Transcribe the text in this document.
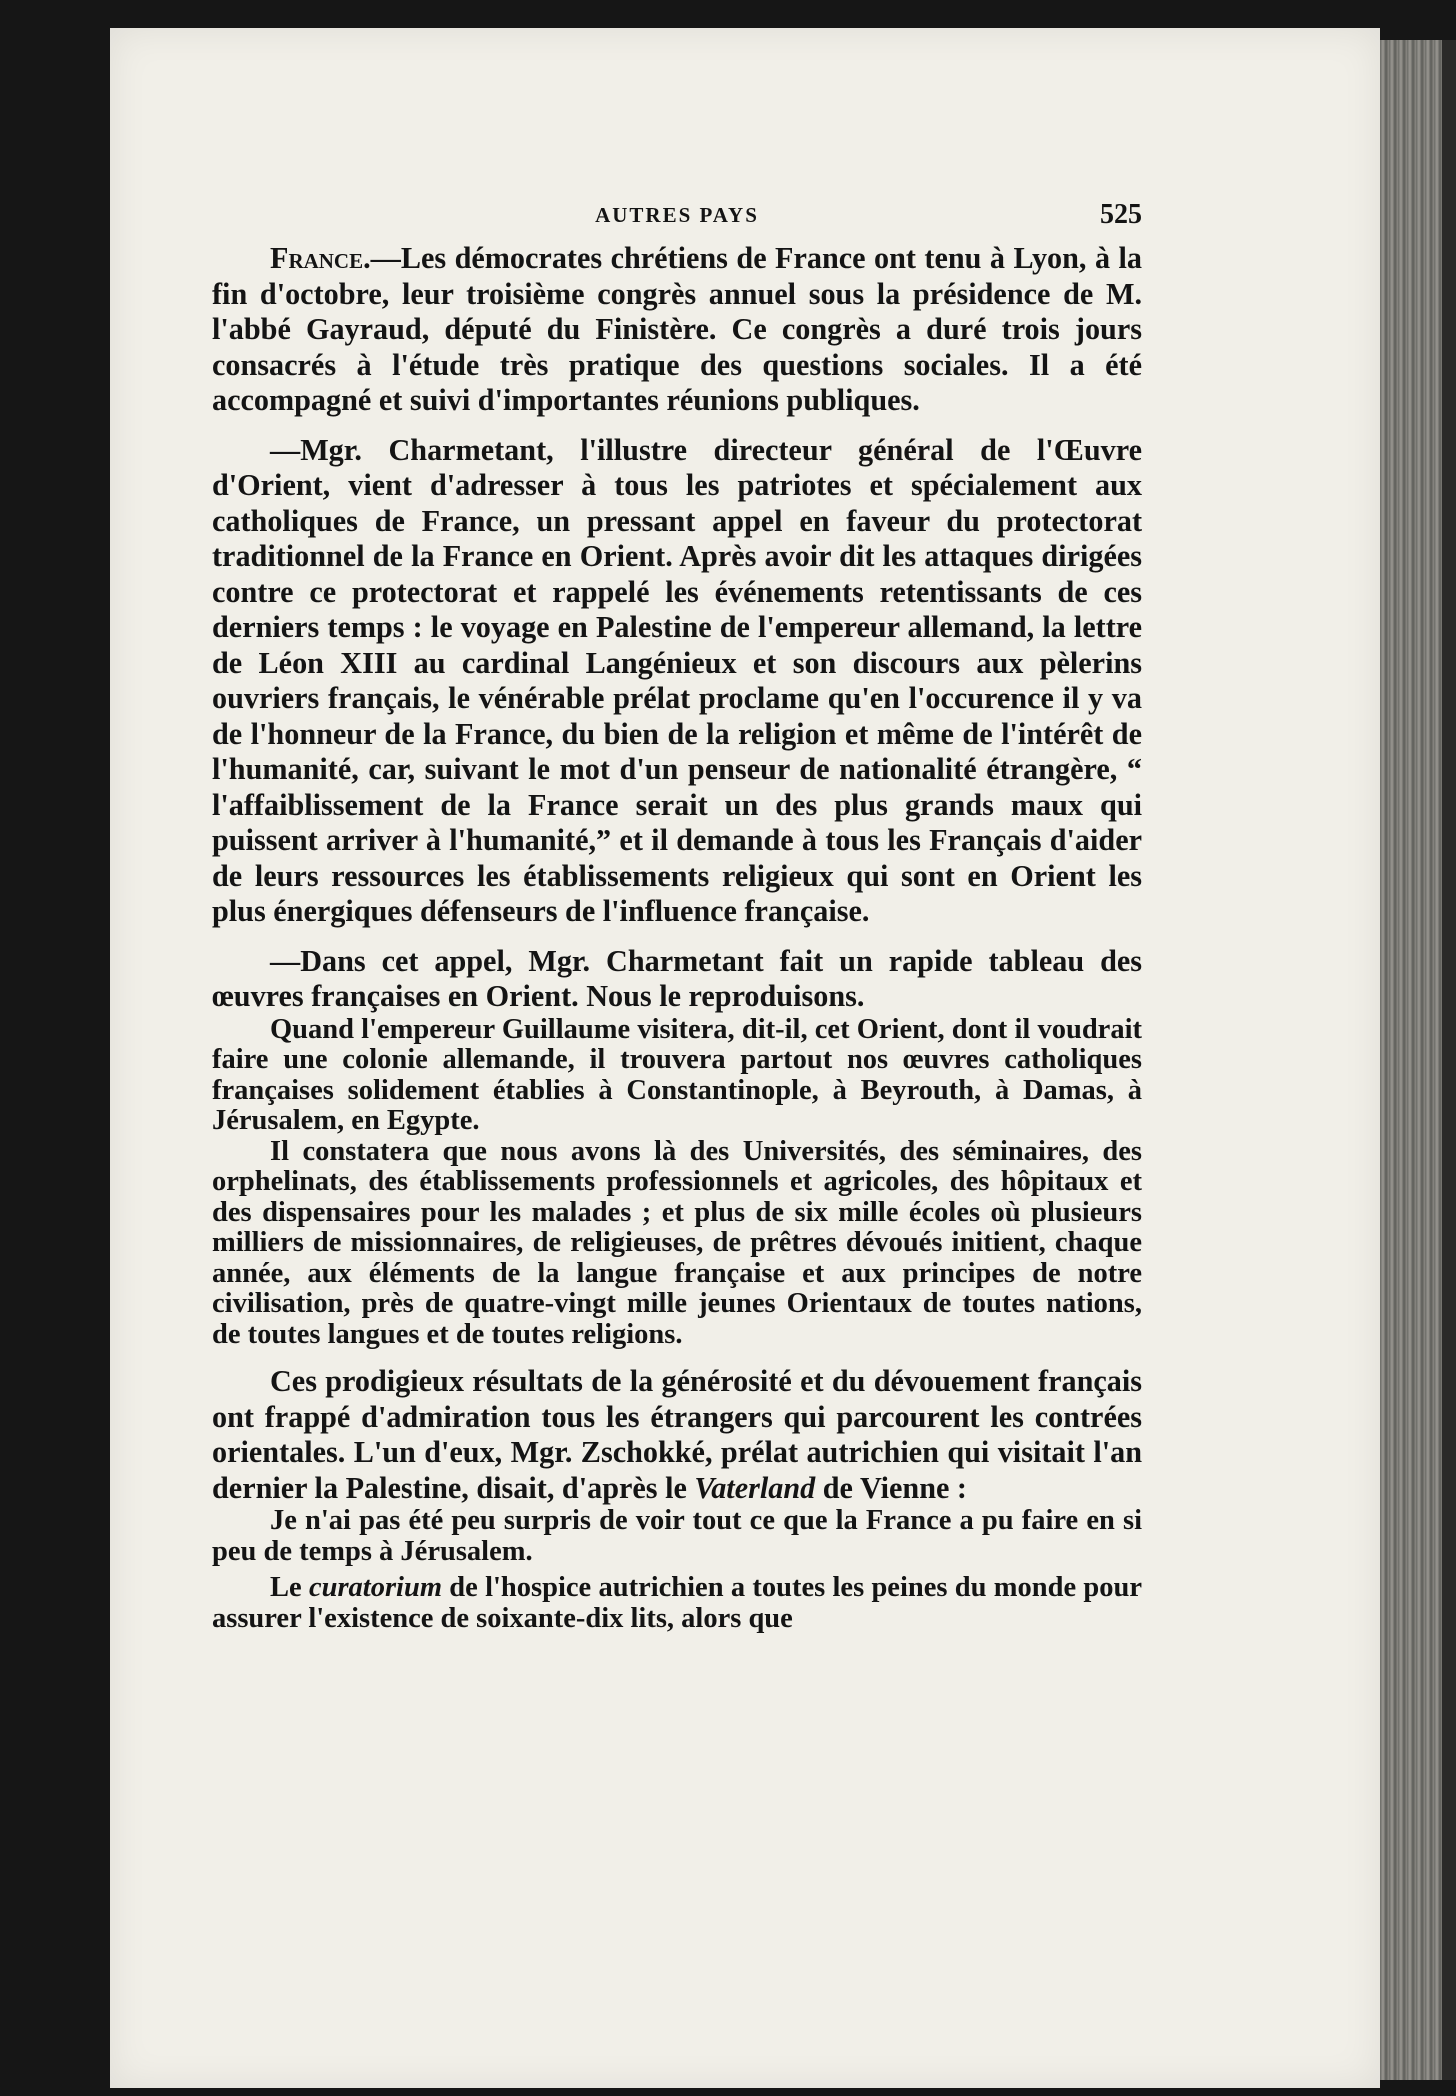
AUTRES PAYS	525

France.—Les démocrates chrétiens de France ont tenu à Lyon, à la fin d'octobre, leur troisième congrès annuel sous la présidence de M. l'abbé Gayraud, député du Finistère. Ce congrès a duré trois jours consacrés à l'étude très pratique des questions sociales. Il a été accompagné et suivi d'importantes réunions publiques.

—Mgr. Charmetant, l'illustre directeur général de l'Œuvre d'Orient, vient d'adresser à tous les patriotes et spécialement aux catholiques de France, un pressant appel en faveur du protectorat traditionnel de la France en Orient. Après avoir dit les attaques dirigées contre ce protectorat et rappelé les événements retentissants de ces derniers temps : le voyage en Palestine de l'empereur allemand, la lettre de Léon XIII au cardinal Langénieux et son discours aux pèlerins ouvriers français, le vénérable prélat proclame qu'en l'occurence il y va de l'honneur de la France, du bien de la religion et même de l'intérêt de l'humanité, car, suivant le mot d'un penseur de nationalité étrangère, “ l'affaiblissement de la France serait un des plus grands maux qui puissent arriver à l'humanité,” et il demande à tous les Français d'aider de leurs ressources les établissements religieux qui sont en Orient les plus énergiques défenseurs de l'influence française.

—Dans cet appel, Mgr. Charmetant fait un rapide tableau des œuvres françaises en Orient. Nous le reproduisons.

Quand l'empereur Guillaume visitera, dit-il, cet Orient, dont il voudrait faire une colonie allemande, il trouvera partout nos œuvres catholiques françaises solidement établies à Constantinople, à Beyrouth, à Damas, à Jérusalem, en Egypte.

Il constatera que nous avons là des Universités, des séminaires, des orphelinats, des établissements professionnels et agricoles, des hôpitaux et des dispensaires pour les malades ; et plus de six mille écoles où plusieurs milliers de missionnaires, de religieuses, de prêtres dévoués initient, chaque année, aux éléments de la langue française et aux principes de notre civilisation, près de quatre-vingt mille jeunes Orientaux de toutes nations, de toutes langues et de toutes religions.

Ces prodigieux résultats de la générosité et du dévouement français ont frappé d'admiration tous les étrangers qui parcourent les contrées orientales. L'un d'eux, Mgr. Zschokké, prélat autrichien qui visitait l'an dernier la Palestine, disait, d'après le Vaterland de Vienne :

Je n'ai pas été peu surpris de voir tout ce que la France a pu faire en si peu de temps à Jérusalem.

Le curatorium de l'hospice autrichien a toutes les peines du monde pour assurer l'existence de soixante-dix lits, alors que
